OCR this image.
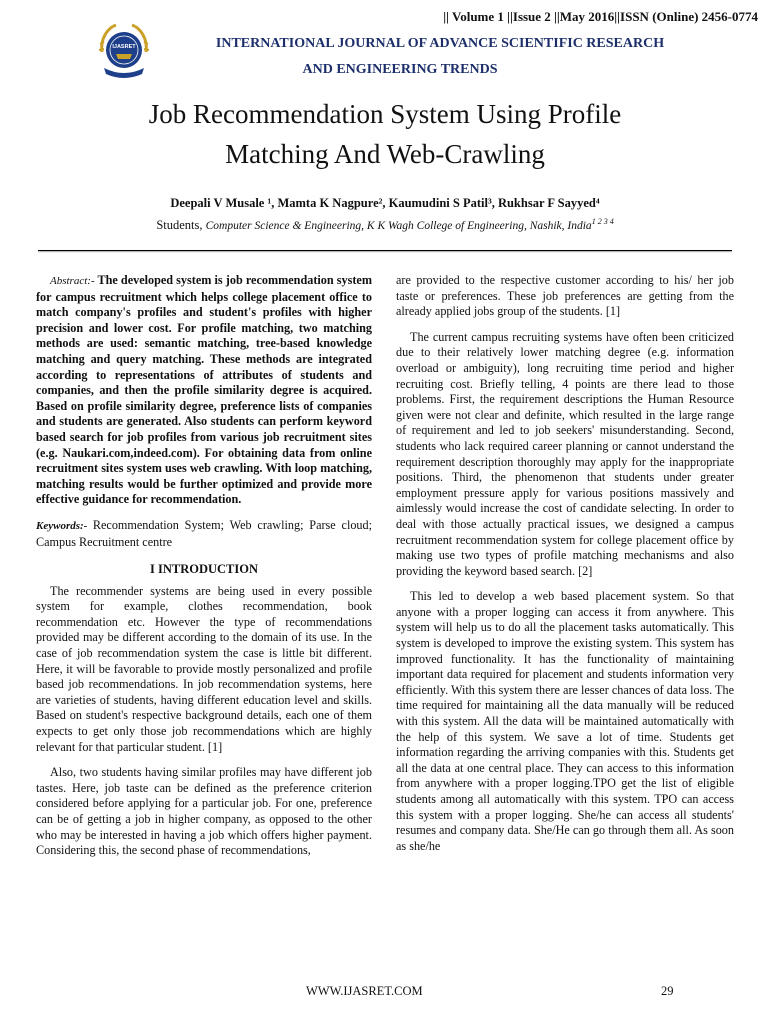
|| Volume 1 ||Issue 2 ||May 2016||ISSN (Online) 2456-0774
IJASRET	INTERNATIONAL JOURNAL OF ADVANCE SCIENTIFIC RESEARCH
AND ENGINEERING TRENDS
Job Recommendation System Using Profile
Matching And Web-Crawling
Deepali V Musale ¹, Mamta K Nagpure², Kaumudini S Patil³, Rukhsar F Sayyed⁴
Students, Computer Science & Engineering, K K Wagh College of Engineering, Nashik, India$^{1 2 3 4}$

Abstract:- The developed system is job recommendation system for campus recruitment which helps college placement office to match company's profiles and student's profiles with higher precision and lower cost. For profile matching, two matching methods are used: semantic matching, tree-based knowledge matching and query matching. These methods are integrated according to representations of attributes of students and companies, and then the profile similarity degree is acquired. Based on profile similarity degree, preference lists of companies and students are generated. Also students can perform keyword based search for job profiles from various job recruitment sites (e.g. Naukari.com,indeed.com). For obtaining data from online recruitment sites system uses web crawling. With loop matching, matching results would be further optimized and provide more effective guidance for recommendation.

Keywords:- Recommendation System; Web crawling; Parse cloud; Campus Recruitment centre

I INTRODUCTION

The recommender systems are being used in every possible system for example, clothes recommendation, book recommendation etc. However the type of recommendations provided may be different according to the domain of its use. In the case of job recommendation system the case is little bit different. Here, it will be favorable to provide mostly personalized and profile based job recommendations. In job recommendation systems, here are varieties of students, having different education level and skills. Based on student's respective background details, each one of them expects to get only those job recommendations which are highly relevant for that particular student. [1]

Also, two students having similar profiles may have different job tastes. Here, job taste can be defined as the preference criterion considered before applying for a particular job. For one, preference can be of getting a job in higher company, as opposed to the other who may be interested in having a job which offers higher payment. Considering this, the second phase of recommendations,

are provided to the respective customer according to his/ her job taste or preferences. These job preferences are getting from the already applied jobs group of the students. [1]

The current campus recruiting systems have often been criticized due to their relatively lower matching degree (e.g. information overload or ambiguity), long recruiting time period and higher recruiting cost. Briefly telling, 4 points are there lead to those problems. First, the requirement descriptions the Human Resource given were not clear and definite, which resulted in the large range of requirement and led to job seekers' misunderstanding. Second, students who lack required career planning or cannot understand the requirement description thoroughly may apply for the inappropriate positions. Third, the phenomenon that students under greater employment pressure apply for various positions massively and aimlessly would increase the cost of candidate selecting. In order to deal with those actually practical issues, we designed a campus recruitment recommendation system for college placement office by making use two types of profile matching mechanisms and also providing the keyword based search. [2]

This led to develop a web based placement system. So that anyone with a proper logging can access it from anywhere. This system will help us to do all the placement tasks automatically. This system is developed to improve the existing system. This system has improved functionality. It has the functionality of maintaining important data required for placement and students information very efficiently. With this system there are lesser chances of data loss. The time required for maintaining all the data manually will be reduced with this system. All the data will be maintained automatically with the help of this system. We save a lot of time. Students get information regarding the arriving companies with this. Students get all the data at one central place. They can access to this information from anywhere with a proper logging.TPO get the list of eligible students among all automatically with this system. TPO can access this system with a proper logging. She/he can access all students' resumes and company data. She/He can go through them all. As soon as she/he

WWW.IJASRET.COM	29
